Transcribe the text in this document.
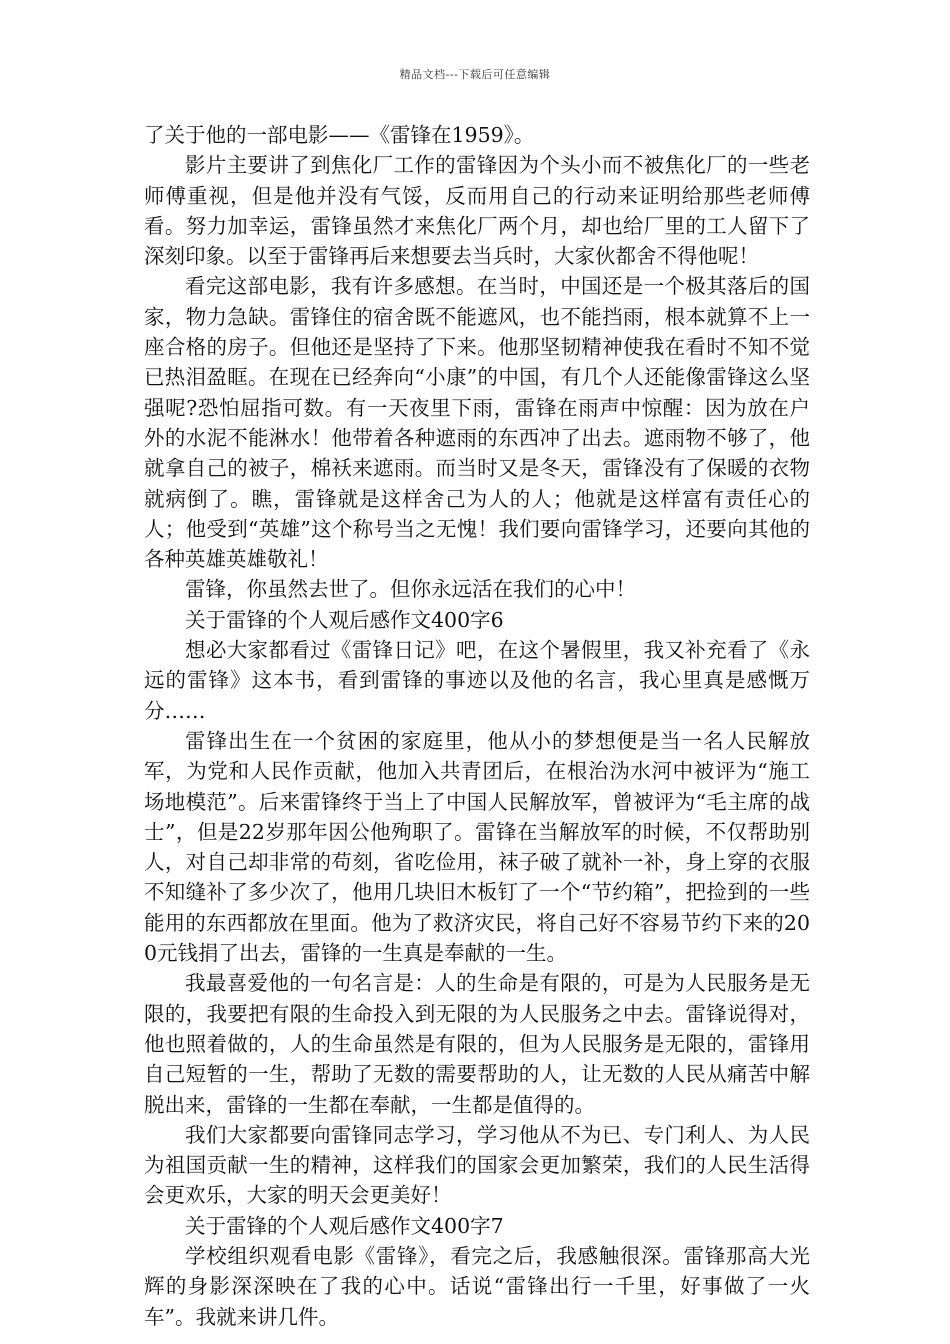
精品文档---下载后可任意编辑

了关于他的一部电影——《雷锋在1959》。

影片主要讲了到焦化厂工作的雷锋因为个头小而不被焦化厂的一些老师傅重视，但是他并没有气馁，反而用自己的行动来证明给那些老师傅看。努力加幸运，雷锋虽然才来焦化厂两个月，却也给厂里的工人留下了深刻印象。以至于雷锋再后来想要去当兵时，大家伙都舍不得他呢！

看完这部电影，我有许多感想。在当时，中国还是一个极其落后的国家，物力急缺。雷锋住的宿舍既不能遮风，也不能挡雨，根本就算不上一座合格的房子。但他还是坚持了下来。他那坚韧精神使我在看时不知不觉已热泪盈眶。在现在已经奔向“小康”的中国，有几个人还能像雷锋这么坚强呢?恐怕屈指可数。有一天夜里下雨，雷锋在雨声中惊醒：因为放在户外的水泥不能淋水！他带着各种遮雨的东西冲了出去。遮雨物不够了，他就拿自己的被子，棉袄来遮雨。而当时又是冬天，雷锋没有了保暖的衣物就病倒了。瞧，雷锋就是这样舍己为人的人；他就是这样富有责任心的人；他受到“英雄”这个称号当之无愧！我们要向雷锋学习，还要向其他的各种英雄英雄敬礼！

雷锋，你虽然去世了。但你永远活在我们的心中！

关于雷锋的个人观后感作文400字6

想必大家都看过《雷锋日记》吧，在这个暑假里，我又补充看了《永远的雷锋》这本书，看到雷锋的事迹以及他的名言，我心里真是感慨万分……

雷锋出生在一个贫困的家庭里，他从小的梦想便是当一名人民解放军，为党和人民作贡献，他加入共青团后，在根治沩水河中被评为“施工场地模范”。后来雷锋终于当上了中国人民解放军，曾被评为“毛主席的战士”，但是22岁那年因公他殉职了。雷锋在当解放军的时候，不仅帮助别人，对自己却非常的苟刻，省吃俭用，袜子破了就补一补，身上穿的衣服不知缝补了多少次了，他用几块旧木板钉了一个“节约箱”，把捡到的一些能用的东西都放在里面。他为了救济灾民，将自己好不容易节约下来的200元钱捐了出去，雷锋的一生真是奉献的一生。

我最喜爱他的一句名言是：人的生命是有限的，可是为人民服务是无限的，我要把有限的生命投入到无限的为人民服务之中去。雷锋说得对，他也照着做的，人的生命虽然是有限的，但为人民服务是无限的，雷锋用自己短暂的一生，帮助了无数的需要帮助的人，让无数的人民从痛苦中解脱出来，雷锋的一生都在奉献，一生都是值得的。

我们大家都要向雷锋同志学习，学习他从不为已、专门利人、为人民为祖国贡献一生的精神，这样我们的国家会更加繁荣，我们的人民生活得会更欢乐，大家的明天会更美好！

关于雷锋的个人观后感作文400字7

学校组织观看电影《雷锋》，看完之后，我感触很深。雷锋那高大光辉的身影深深映在了我的心中。话说“雷锋出行一千里，好事做了一火车”。我就来讲几件。
